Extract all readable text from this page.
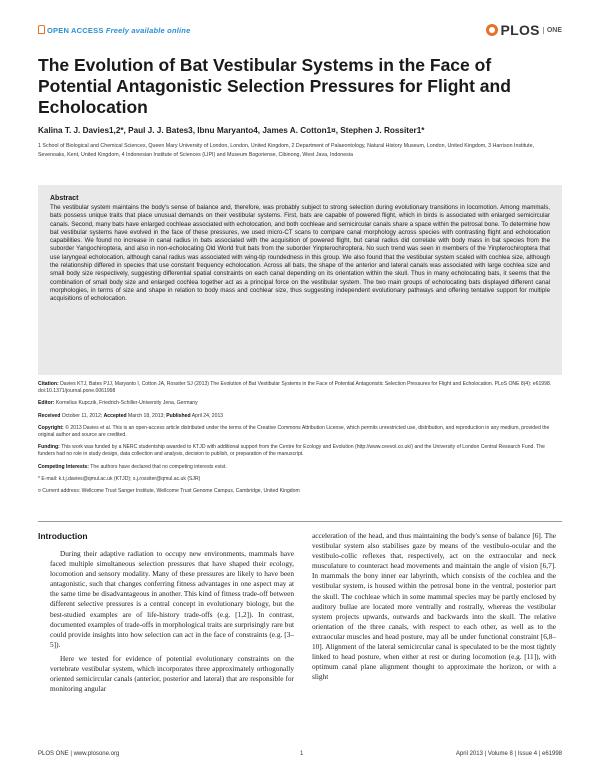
OPEN ACCESS Freely available online	PLOS	ONE
The Evolution of Bat Vestibular Systems in the Face of Potential Antagonistic Selection Pressures for Flight and Echolocation

Kalina T. J. Davies1,2*, Paul J. J. Bates3, Ibnu Maryanto4, James A. Cotton1¤, Stephen J. Rossiter1*

1 School of Biological and Chemical Sciences, Queen Mary University of London, London, United Kingdom, 2 Department of Palaeontology, Natural History Museum, London, United Kingdom, 3 Harrison Institute, Sevenoaks, Kent, United Kingdom, 4 Indonesian Institute of Sciences (LIPI) and Museum Bogoriense, Cibinong, West Java, Indonesia

Abstract

The vestibular system maintains the body's sense of balance and, therefore, was probably subject to strong selection during evolutionary transitions in locomotion. Among mammals, bats possess unique traits that place unusual demands on their vestibular systems. First, bats are capable of powered flight, which in birds is associated with enlarged semicircular canals. Second, many bats have enlarged cochleae associated with echolocation, and both cochleae and semicircular canals share a space within the petrosal bone. To determine how bat vestibular systems have evolved in the face of these pressures, we used micro-CT scans to compare canal morphology across species with contrasting flight and echolocation capabilities. We found no increase in canal radius in bats associated with the acquisition of powered flight, but canal radius did correlate with body mass in bat species from the suborder Yangochiroptera, and also in non-echolocating Old World fruit bats from the suborder Yinpterochiroptera. No such trend was seen in members of the Yinpterochiroptera that use laryngeal echolocation, although canal radius was associated with wing-tip roundedness in this group. We also found that the vestibular system scaled with cochlea size, although the relationship differed in species that use constant frequency echolocation. Across all bats, the shape of the anterior and lateral canals was associated with large cochlea size and small body size respectively, suggesting differential spatial constraints on each canal depending on its orientation within the skull. Thus in many echolocating bats, it seems that the combination of small body size and enlarged cochlea together act as a principal force on the vestibular system. The two main groups of echolocating bats displayed different canal morphologies, in terms of size and shape in relation to body mass and cochlear size, thus suggesting independent evolutionary pathways and offering tentative support for multiple acquisitions of echolocation.

Citation: Davies KTJ, Bates PJJ, Maryanto I, Cotton JA, Rossiter SJ (2013) The Evolution of Bat Vestibular Systems in the Face of Potential Antagonistic Selection Pressures for Flight and Echolocation. PLoS ONE 8(4): e61998. doi:10.1371/journal.pone.0061998

Editor: Kornelius Kupczik, Friedrich-Schiller-University Jena, Germany

Received October 11, 2012; Accepted March 18, 2013; Published April 24, 2013

Copyright: © 2013 Davies et al. This is an open-access article distributed under the terms of the Creative Commons Attribution License, which permits unrestricted use, distribution, and reproduction in any medium, provided the original author and source are credited.

Funding: This work was funded by a NERC studentship awarded to KTJD with additional support from the Centre for Ecology and Evolution (http://www.ceevol.co.uk/) and the University of London Central Research Fund. The funders had no role in study design, data collection and analysis, decision to publish, or preparation of the manuscript.

Competing Interests: The authors have declared that no competing interests exist.

* E-mail: k.t.j.davies@qmul.ac.uk (KTJD); s.j.rossiter@qmul.ac.uk (SJR)

¤ Current address: Wellcome Trust Sanger Institute, Wellcome Trust Genome Campus, Cambridge, United Kingdom

Introduction

During their adaptive radiation to occupy new environments, mammals have faced multiple simultaneous selection pressures that have shaped their ecology, locomotion and sensory modality. Many of these pressures are likely to have been antagonistic, such that changes conferring fitness advantages in one aspect may at the same time be disadvantageous in another. This kind of fitness trade-off between different selective pressures is a central concept in evolutionary biology, but the best-studied examples are of life-history trade-offs (e.g. [1,2]). In contrast, documented examples of trade-offs in morphological traits are surprisingly rare but could provide insights into how selection can act in the face of constraints (e.g. [3–5]).

Here we tested for evidence of potential evolutionary constraints on the vertebrate vestibular system, which incorporates three approximately orthogonally oriented semicircular canals (anterior, posterior and lateral) that are responsible for monitoring angular

acceleration of the head, and thus maintaining the body's sense of balance [6]. The vestibular system also stabilises gaze by means of the vestibulo-ocular and the vestibulo-collic reflexes that, respectively, act on the extraocular and neck musculature to counteract head movements and maintain the angle of vision [6,7]. In mammals the bony inner ear labyrinth, which consists of the cochlea and the vestibular system, is housed within the petrosal bone in the ventral, posterior part the skull. The cochleae which in some mammal species may be partly enclosed by auditory bullae are located more ventrally and rostrally, whereas the vestibular system projects upwards, outwards and backwards into the skull. The relative orientation of the three canals, with respect to each other, as well as to the extraocular muscles and head posture, may all be under functional constraint [6,8–10]. Alignment of the lateral semicircular canal is speculated to be the most tightly linked to head posture, when either at rest or during locomotion (e.g. [11]), with optimum canal plane alignment thought to approximate the horizon, or with a slight

PLOS ONE | www.plosone.org	1	April 2013 | Volume 8 | Issue 4 | e61998
